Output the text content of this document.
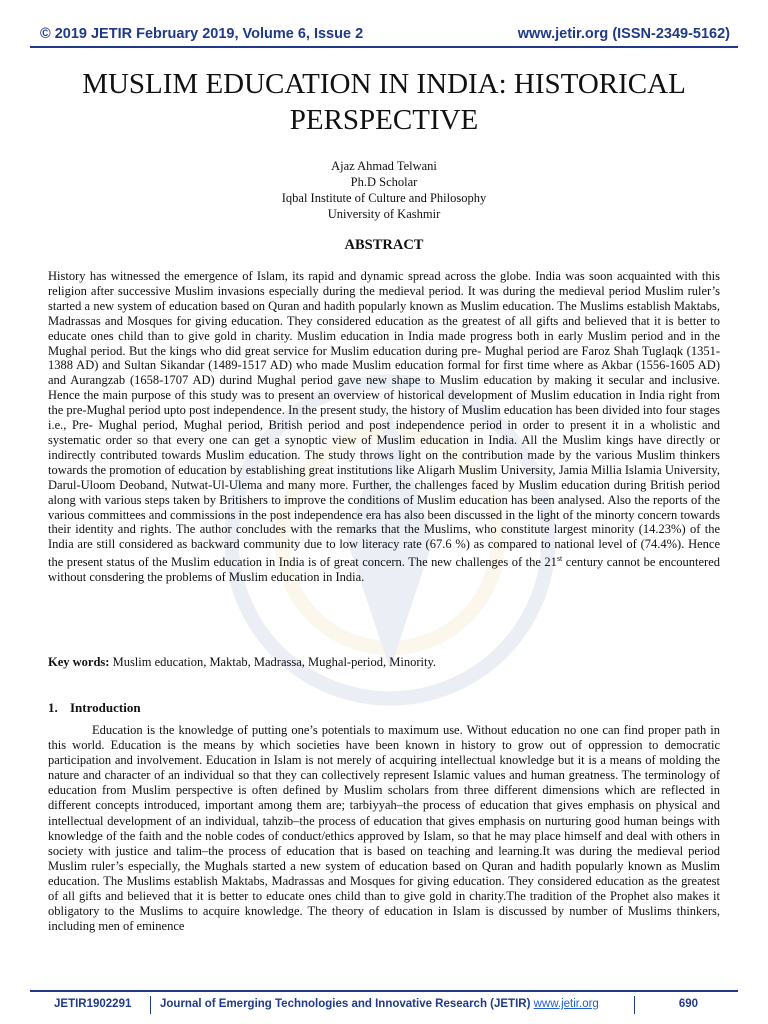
© 2019 JETIR February 2019, Volume 6, Issue 2	www.jetir.org (ISSN-2349-5162)
MUSLIM EDUCATION IN INDIA: HISTORICAL
PERSPECTIVE
Ajaz Ahmad Telwani
Ph.D Scholar
Iqbal Institute of Culture and Philosophy
University of Kashmir
ABSTRACT
History has witnessed the emergence of Islam, its rapid and dynamic spread across the globe. India was soon acquainted with this religion after successive Muslim invasions especially during the medieval period. It was during the medieval period Muslim ruler’s started a new system of education based on Quran and hadith popularly known as Muslim education. The Muslims establish Maktabs, Madrassas and Mosques for giving education. They considered education as the greatest of all gifts and believed that it is better to educate ones child than to give gold in charity. Muslim education in India made progress both in early Muslim period and in the Mughal period. But the kings who did great service for Muslim education during pre- Mughal period are Faroz Shah Tuglaqk (1351-1388 AD) and Sultan Sikandar (1489-1517 AD) who made Muslim education formal for first time where as Akbar (1556-1605 AD) and Aurangzab (1658-1707 AD) durind Mughal period gave new shape to Muslim education by making it secular and inclusive. Hence the main purpose of this study was to present an overview of historical development of Muslim education in India right from the pre-Mughal period upto post independence. In the present study, the history of Muslim education has been divided into four stages i.e., Pre- Mughal period, Mughal period, British period and post independence period in order to present it in a wholistic and systematic order so that every one can get a synoptic view of Muslim education in India. All the Muslim kings have directly or indirectly contributed towards Muslim education. The study throws light on the contribution made by the various Muslim thinkers towards the promotion of education by establishing great institutions like Aligarh Muslim University, Jamia Millia Islamia University, Darul-Uloom Deoband, Nutwat-Ul-Ulema and many more. Further, the challenges faced by Muslim education during British period along with various steps taken by Britishers to improve the conditions of Muslim education has been analysed. Also the reports of the various committees and commissions in the post independence era has also been discussed in the light of the minorty concern towards their identity and rights. The author concludes with the remarks that the Muslims, who constitute largest minority (14.23%) of the India are still considered as backward community due to low literacy rate (67.6 %) as compared to national level of (74.4%). Hence the present status of the Muslim education in India is of great concern. The new challenges of the 21st century cannot be encountered without consdering the problems of Muslim education in India.
Key words: Muslim education, Maktab, Madrassa, Mughal-period, Minority.
1. Introduction
Education is the knowledge of putting one’s potentials to maximum use. Without education no one can find proper path in this world. Education is the means by which societies have been known in history to grow out of oppression to democratic participation and involvement. Education in Islam is not merely of acquiring intellectual knowledge but it is a means of molding the nature and character of an individual so that they can collectively represent Islamic values and human greatness. The terminology of education from Muslim perspective is often defined by Muslim scholars from three different dimensions which are reflected in different concepts introduced, important among them are; tarbiyyah–the process of education that gives emphasis on physical and intellectual development of an individual, tahzib–the process of education that gives emphasis on nurturing good human beings with knowledge of the faith and the noble codes of conduct/ethics approved by Islam, so that he may place himself and deal with others in society with justice and talim–the process of education that is based on teaching and learning.It was during the medieval period Muslim ruler’s especially, the Mughals started a new system of education based on Quran and hadith popularly known as Muslim education. The Muslims establish Maktabs, Madrassas and Mosques for giving education. They considered education as the greatest of all gifts and believed that it is better to educate ones child than to give gold in charity.The tradition of the Prophet also makes it obligatory to the Muslims to acquire knowledge. The theory of education in Islam is discussed by number of Muslims thinkers, including men of eminence
JETIR1902291 Journal of Emerging Technologies and Innovative Research (JETIR) www.jetir.org	690
